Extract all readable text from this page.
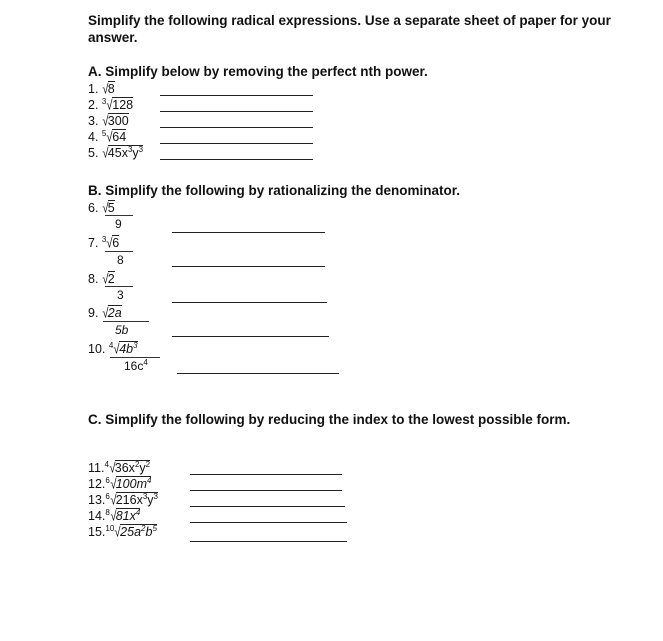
Simplify the following radical expressions. Use a separate sheet of paper for your answer.
A. Simplify below by removing the perfect nth power.
1. √8
2. $^3$√128
3. √300
4. $^5$√64
5. $√45x^3y^3$
B. Simplify the following by rationalizing the denominator.
6. √5
9
7. $^3$√6
8
8. √2
3
9. √2a
5b
10. $^4√4b^3$
$16c^4$
C. Simplify the following by reducing the index to the lowest possible form.
$11.^4√36x^2y^2$
$12.^6√100m^4$
$13.^6√216x^3y^3$
$14.^8√81x^4$
$15.10√25a^2b^5$
